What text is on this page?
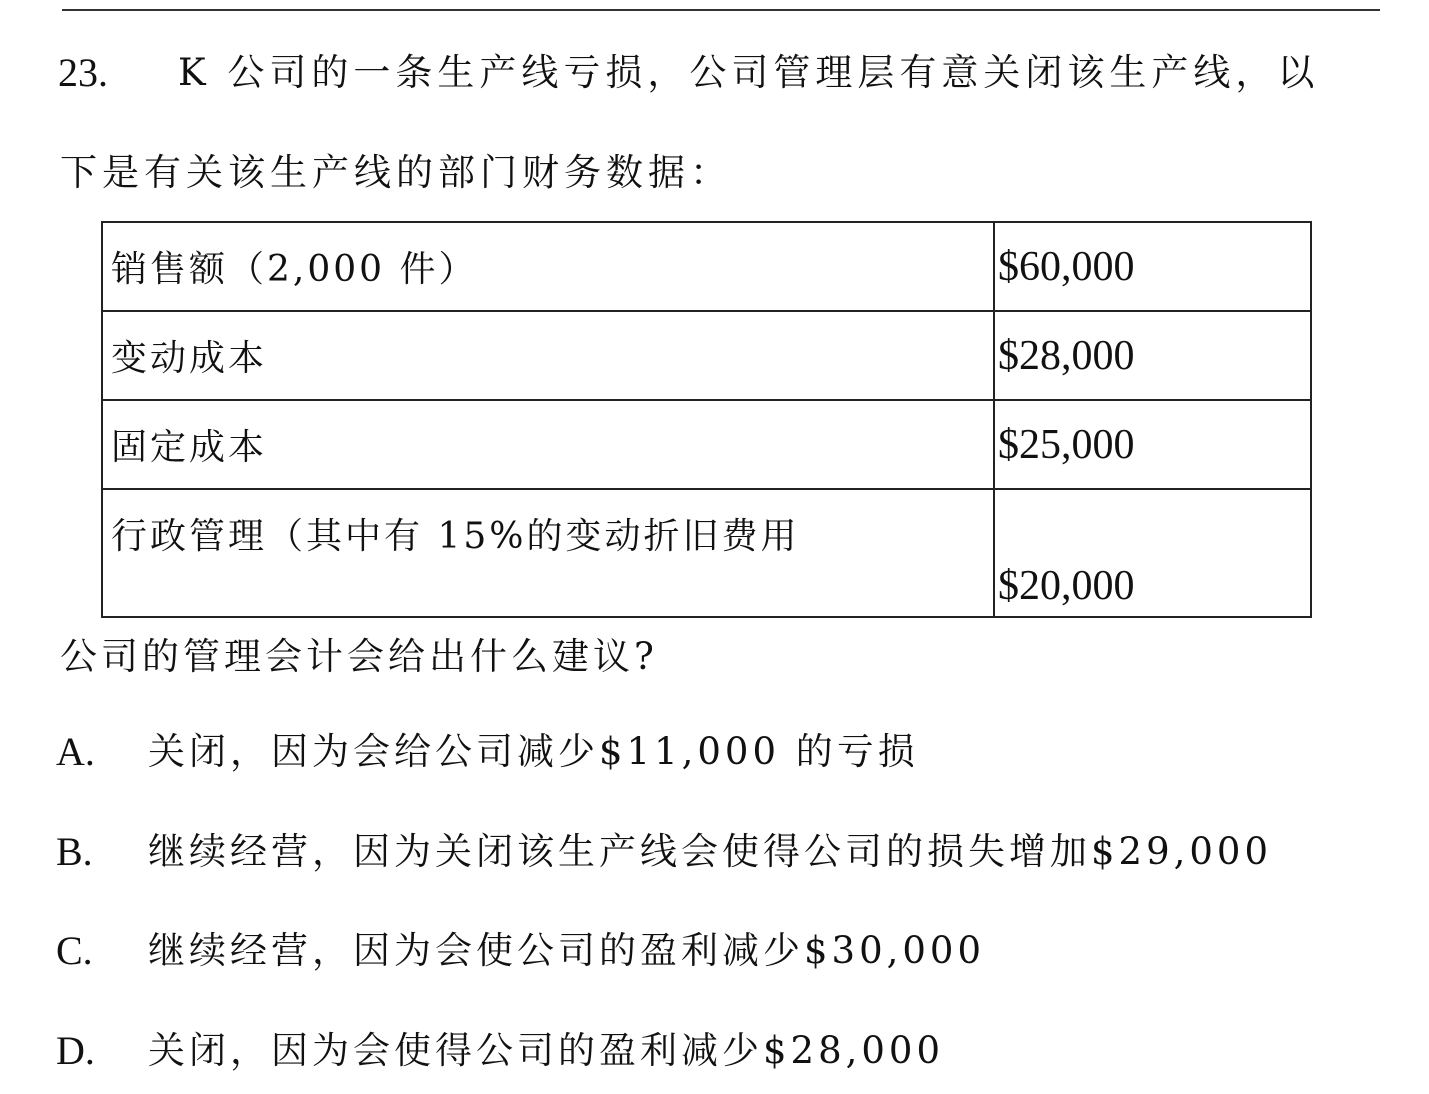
23. K 公司的一条生产线亏损，公司管理层有意关闭该生产线，以
下是有关该生产线的部门财务数据：
销售额（2,000 件）	$60,000
变动成本	$28,000
固定成本	$25,000
行政管理（其中有 15%的变动折旧费用	$20,000
公司的管理会计会给出什么建议?
A. 关闭，因为会给公司减少$11,000 的亏损
B. 继续经营，因为关闭该生产线会使得公司的损失增加$29,000
C. 继续经营，因为会使公司的盈利减少$30,000
D. 关闭，因为会使得公司的盈利减少$28,000
